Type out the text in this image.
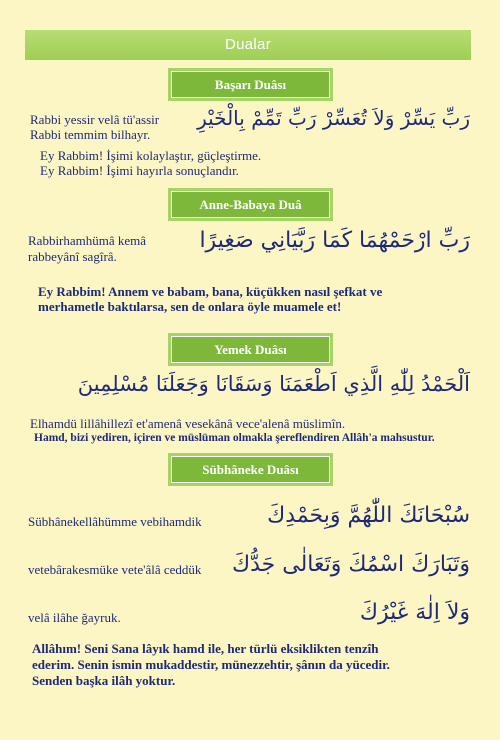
Dualar
Başarı Duâsı
Rabbi yessir velâ tü'assir
Rabbi temmim bilhayr.
رَبِّ يَسِّرْ وَلاَ تُعَسِّرْ رَبِّ تَمِّمْ بِالْخَيْرِ
Ey Rabbim! İşimi kolaylaştır, güçleştirme.
Ey Rabbim! İşimi hayırla sonuçlandır.
Anne-Babaya Duâ
Rabbirhamhümâ kemâ
rabbeyânî sagîrâ.
رَبِّ ارْحَمْهُمَا كَمَا رَبَّيَانِي صَغِيرًا
Ey Rabbim! Annem ve babam, bana, küçükken nasıl şefkat ve
merhametle baktılarsa, sen de onlara öyle muamele et!
Yemek Duâsı
اَلْحَمْدُ لِلّٰهِ الَّذِي اَطْعَمَنَا وَسَقَانَا وَجَعَلَنَا مُسْلِمِينَ
Elhamdü lillâhillezî et'amenâ vesekânâ vece'alenâ müslimîn.
Hamd, bizi yediren, içiren ve müslüman olmakla şereflendiren Allâh'a mahsustur.
Sübhâneke Duâsı
Sübhânekellâhümme vebihamdik	سُبْحَانَكَ اللّٰهُمَّ وَبِحَمْدِكَ
vetebârakesmüke vete'âlâ ceddük وَتَبَارَكَ اسْمُكَ وَتَعَالٰى جَدُّكَ
velâ ilâhe ğayruk.	وَلاَ اِلٰهَ غَيْرُكَ
Allâhım! Seni Sana lâyık hamd ile, her türlü eksiklikten tenzîh
ederim. Senin ismin mukaddestir, münezzehtir, şânın da yücedir.
Senden başka ilâh yoktur.
